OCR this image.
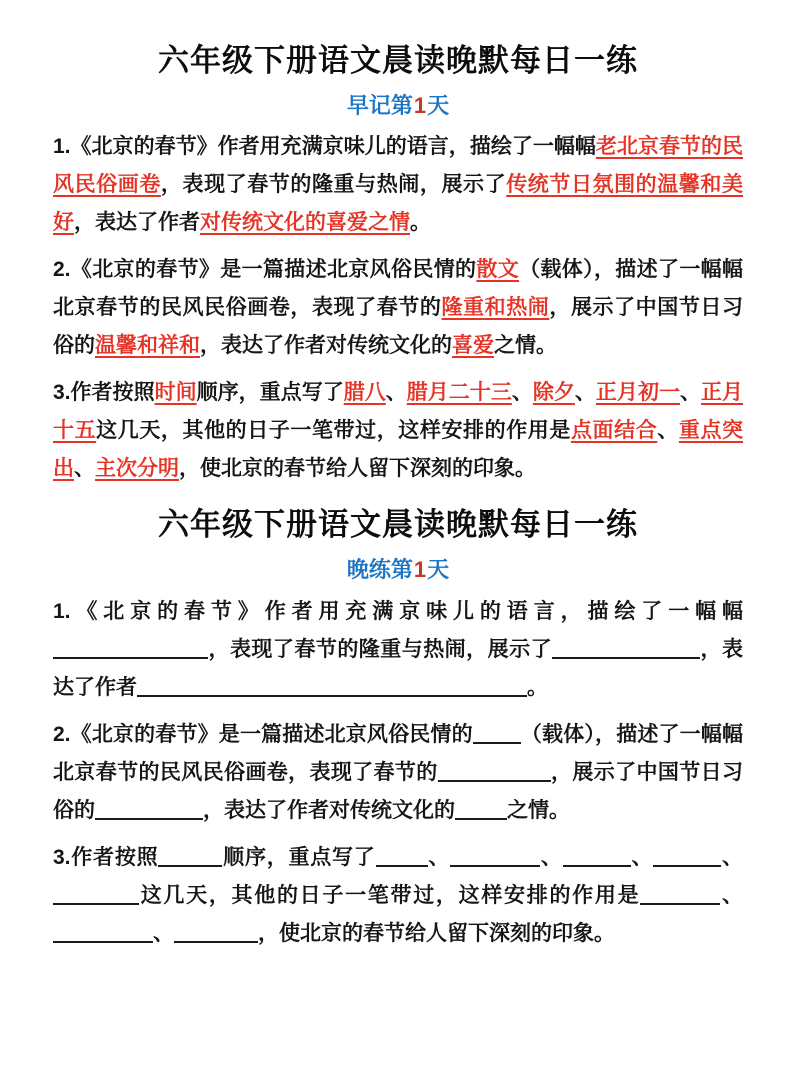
六年级下册语文晨读晚默每日一练
早记第1天

1.《北京的春节》作者用充满京味儿的语言，描绘了一幅幅老北京春节的民风民俗画卷，表现了春节的隆重与热闹，展示了传统节日氛围的温馨和美好，表达了作者对传统文化的喜爱之情。

2.《北京的春节》是一篇描述北京风俗民情的散文（载体），描述了一幅幅北京春节的民风民俗画卷，表现了春节的隆重和热闹，展示了中国节日习俗的温馨和祥和，表达了作者对传统文化的喜爱之情。

3.作者按照时间顺序，重点写了腊八、腊月二十三、除夕、正月初一、正月十五这几天，其他的日子一笔带过，这样安排的作用是点面结合、重点突出、主次分明，使北京的春节给人留下深刻的印象。

六年级下册语文晨读晚默每日一练
晚练第1天

1.《北京的春节》作者用充满京味儿的语言，描绘了一幅幅，表现了春节的隆重与热闹，展示了	，表达了作者	。

2.《北京的春节》是一篇描述北京风俗民情的 （载体），描述了一幅幅北京春节的民风民俗画卷，表现了春节的	，展示了中国节日习俗的	，表达了作者对传统文化的 之情。

3.作者按照	顺序，重点写了 、	、	、	、这几天，其他的日子一笔带过，这样安排的作用是	、、	，使北京的春节给人留下深刻的印象。
